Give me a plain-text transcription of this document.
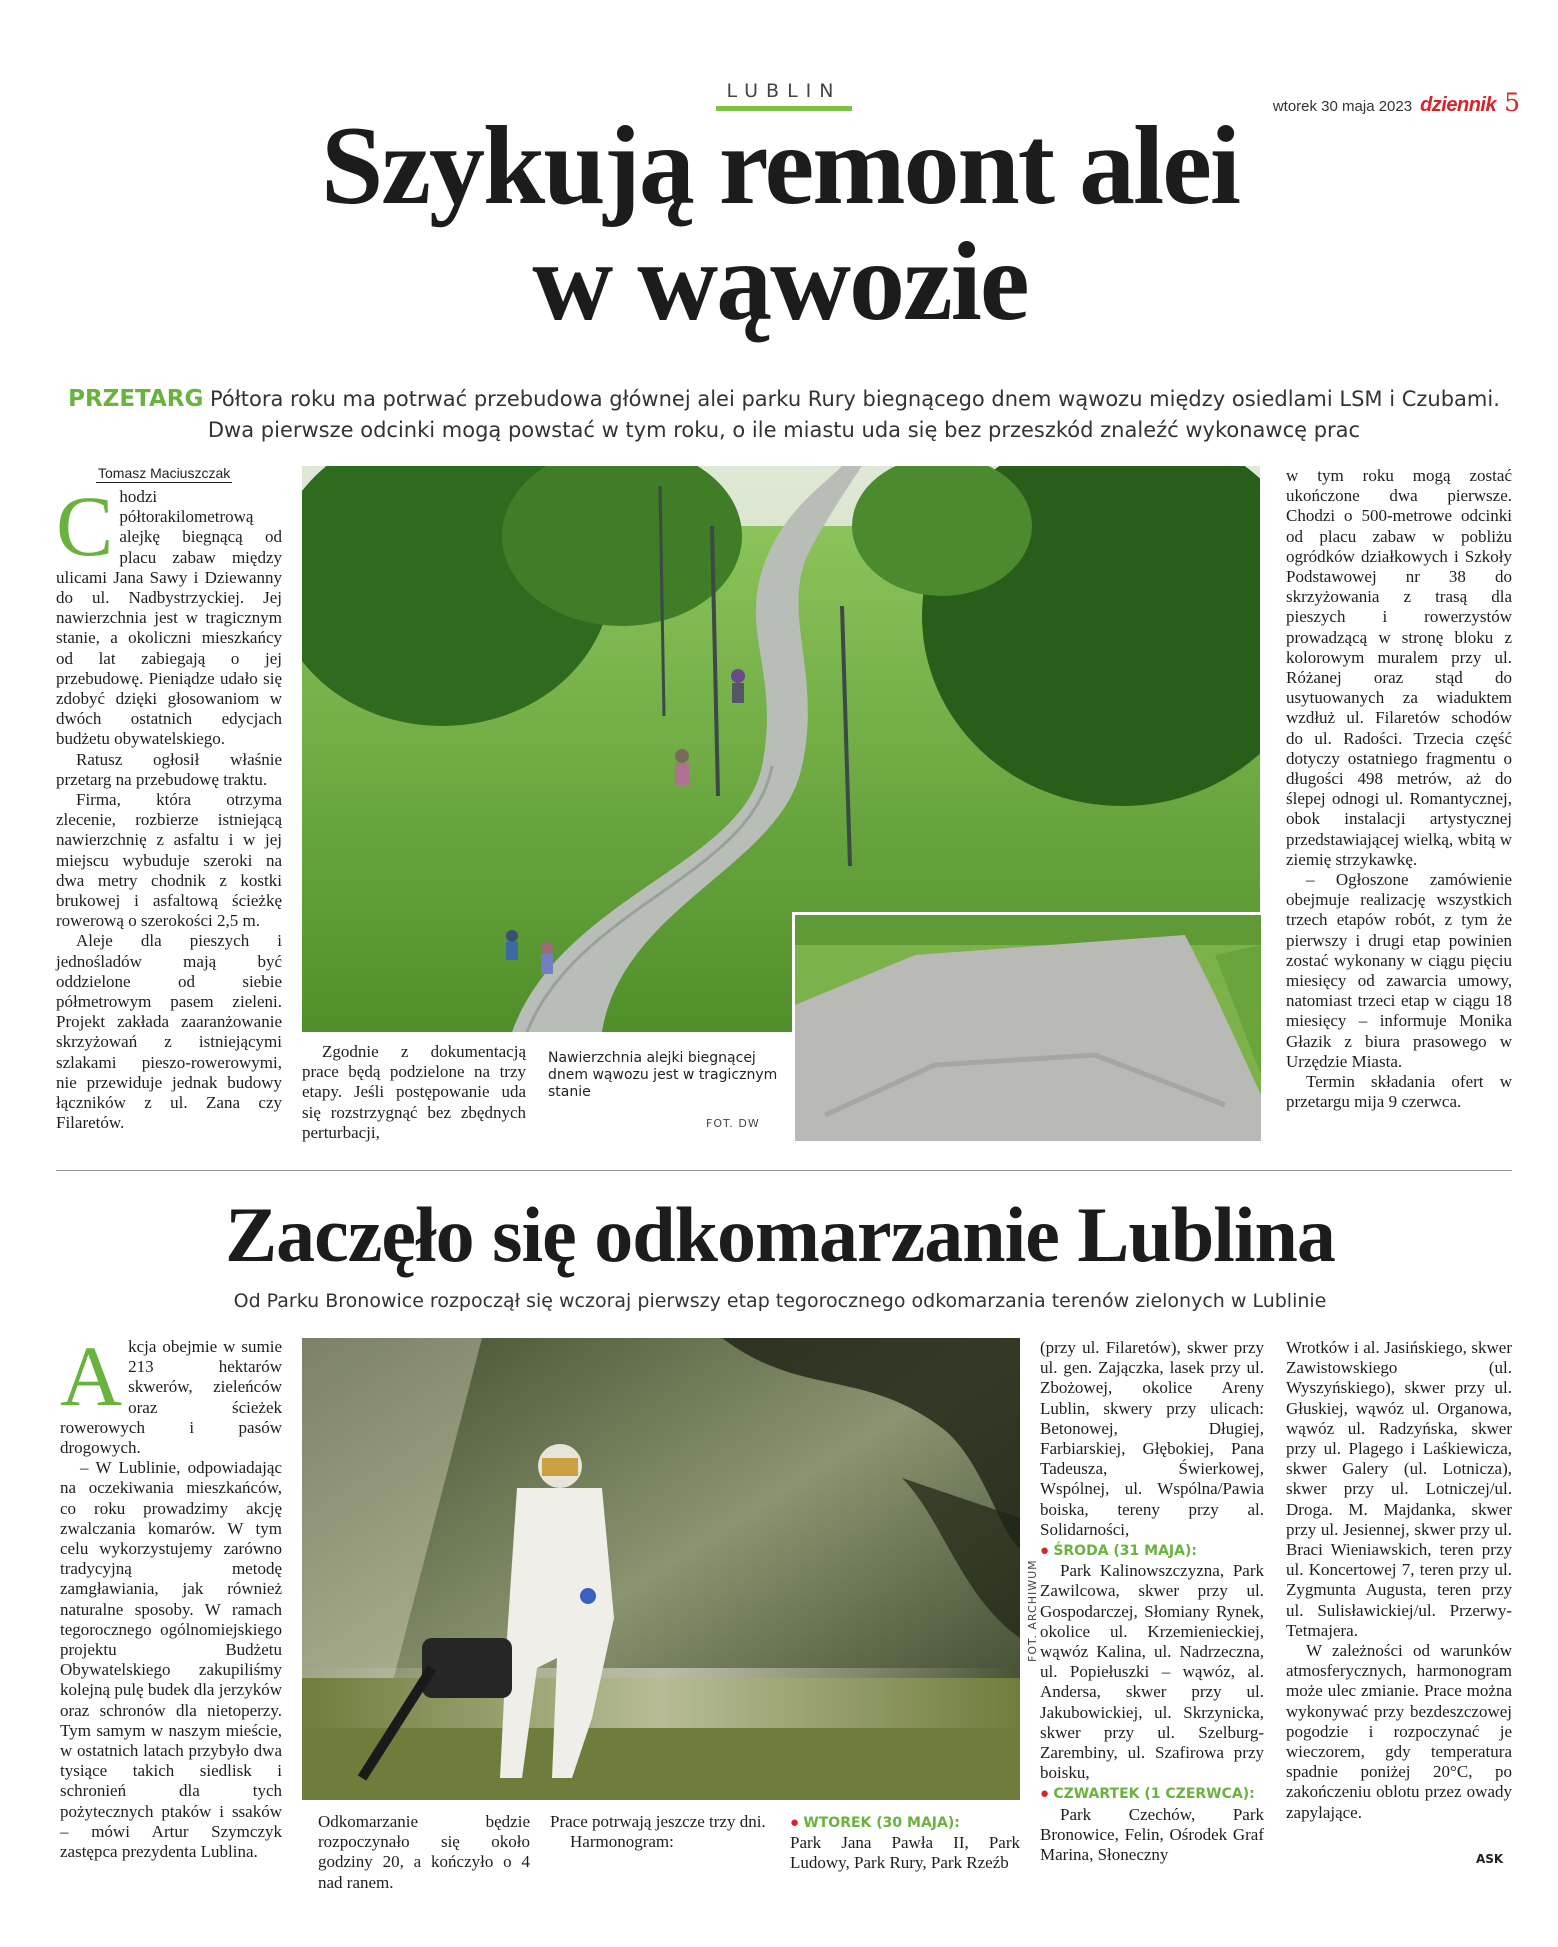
LUBLIN
wtorek 30 maja 2023 dziennik 5
Szykują remont alei
w wąwozie
PRZETARG Półtora roku ma potrwać przebudowa głównej alei parku Rury biegnącego dnem wąwozu między osiedlami LSM i Czubami. Dwa pierwsze odcinki mogą powstać w tym roku, o ile miastu uda się bez przeszkód znaleźć wykonawcę prac
Tomasz Maciuszczak
C hodzi półtorakilometrową alejkę biegnącą od placu zabaw między ulicami Jana Sawy i Dziewanny do ul. Nadbystrzyckiej. Jej nawierzchnia jest w tragicznym stanie, a okoliczni mieszkańcy od lat zabiegają o jej przebudowę. Pieniądze udało się zdobyć dzięki głosowaniom w dwóch ostatnich edycjach budżetu obywatelskiego.

Ratusz ogłosił właśnie przetarg na przebudowę traktu.

Firma, która otrzyma zlecenie, rozbierze istniejącą nawierzchnię z asfaltu i w jej miejscu wybuduje szeroki na dwa metry chodnik z kostki brukowej i asfaltową ścieżkę rowerową o szerokości 2,5 m.

Aleje dla pieszych i jednośladów mają być oddzielone od siebie półmetrowym pasem zieleni. Projekt zakłada zaaranżowanie skrzyżowań z istniejącymi szlakami pieszo-rowerowymi, nie przewiduje jednak budowy łączników z ul. Zana czy Filaretów.

Zgodnie z dokumentacją prace będą podzielone na trzy etapy. Jeśli postępowanie uda się rozstrzygnąć bez zbędnych perturbacji,

Nawierzchnia alejki biegnącej dnem wąwozu jest w tragicznym stanie
FOT. DW

w tym roku mogą zostać ukończone dwa pierwsze. Chodzi o 500-metrowe odcinki od placu zabaw w pobliżu ogródków działkowych i Szkoły Podstawowej nr 38 do skrzyżowania z trasą dla pieszych i rowerzystów prowadzącą w stronę bloku z kolorowym muralem przy ul. Różanej oraz stąd do usytuowanych za wiaduktem wzdłuż ul. Filaretów schodów do ul. Radości. Trzecia część dotyczy ostatniego fragmentu o długości 498 metrów, aż do ślepej odnogi ul. Romantycznej, obok instalacji artystycznej przedstawiającej wielką, wbitą w ziemię strzykawkę.

– Ogłoszone zamówienie obejmuje realizację wszystkich trzech etapów robót, z tym że pierwszy i drugi etap powinien zostać wykonany w ciągu pięciu miesięcy od zawarcia umowy, natomiast trzeci etap w ciągu 18 miesięcy – informuje Monika Głazik z biura prasowego w Urzędzie Miasta.

Termin składania ofert w przetargu mija 9 czerwca.

Zaczęło się odkomarzanie Lublina
Od Parku Bronowice rozpoczął się wczoraj pierwszy etap tegorocznego odkomarzania terenów zielonych w Lublinie
A kcja obejmie w sumie 213 hektarów skwerów, zieleńców oraz ścieżek rowerowych i pasów drogowych.

– W Lublinie, odpowiadając na oczekiwania mieszkańców, co roku prowadzimy akcję zwalczania komarów. W tym celu wykorzystujemy zarówno tradycyjną metodę zamgławiania, jak również naturalne sposoby. W ramach tegorocznego ogólnomiejskiego projektu Budżetu Obywatelskiego zakupiliśmy kolejną pulę budek dla jerzyków oraz schronów dla nietoperzy. Tym samym w naszym mieście, w ostatnich latach przybyło dwa tysiące takich siedlisk i schronień dla tych pożytecznych ptaków i ssaków – mówi Artur Szymczyk zastępca prezydenta Lublina.

FOT. ARCHIWUM

Odkomarzanie będzie rozpoczynało się około godziny 20, a kończyło o 4 nad ranem.

Prace potrwają jeszcze trzy dni.

Harmonogram:

● WTOREK (30 MAJA):

Park Jana Pawła II, Park Ludowy, Park Rury, Park Rzeźb

(przy ul. Filaretów), skwer przy ul. gen. Zajączka, lasek przy ul. Zbożowej, okolice Areny Lublin, skwery przy ulicach: Betonowej, Długiej, Farbiarskiej, Głębokiej, Pana Tadeusza, Świerkowej, Wspólnej, ul. Wspólna/Pawia boiska, tereny przy al. Solidarności,

● ŚRODA (31 MAJA):

Park Kalinowszczyzna, Park Zawilcowa, skwer przy ul. Gospodarczej, Słomiany Rynek, okolice ul. Krzemienieckiej, wąwóz Kalina, ul. Nadrzeczna, ul. Popiełuszki – wąwóz, al. Andersa, skwer przy ul. Jakubowickiej, ul. Skrzynicka, skwer przy ul. Szelburg-Zarembiny, ul. Szafirowa przy boisku,

● CZWARTEK (1 CZERWCA):

Park Czechów, Park Bronowice, Felin, Ośrodek Graf Marina, Słoneczny

Wrotków i al. Jasińskiego, skwer Zawistowskiego (ul. Wyszyńskiego), skwer przy ul. Głuskiej, wąwóz ul. Organowa, wąwóz ul. Radzyńska, skwer przy ul. Plagego i Laśkiewicza, skwer Galery (ul. Lotnicza), skwer przy ul. Lotniczej/ul. Droga. M. Majdanka, skwer przy ul. Jesiennej, skwer przy ul. Braci Wieniawskich, teren przy ul. Koncertowej 7, teren przy ul. Zygmunta Augusta, teren przy ul. Sulisławickiej/ul. Przerwy-Tetmajera.

W zależności od warunków atmosferycznych, harmonogram może ulec zmianie. Prace można wykonywać przy bezdeszczowej pogodzie i rozpoczynać je wieczorem, gdy temperatura spadnie poniżej 20°C, po zakończeniu oblotu przez owady zapylające.

ASK
